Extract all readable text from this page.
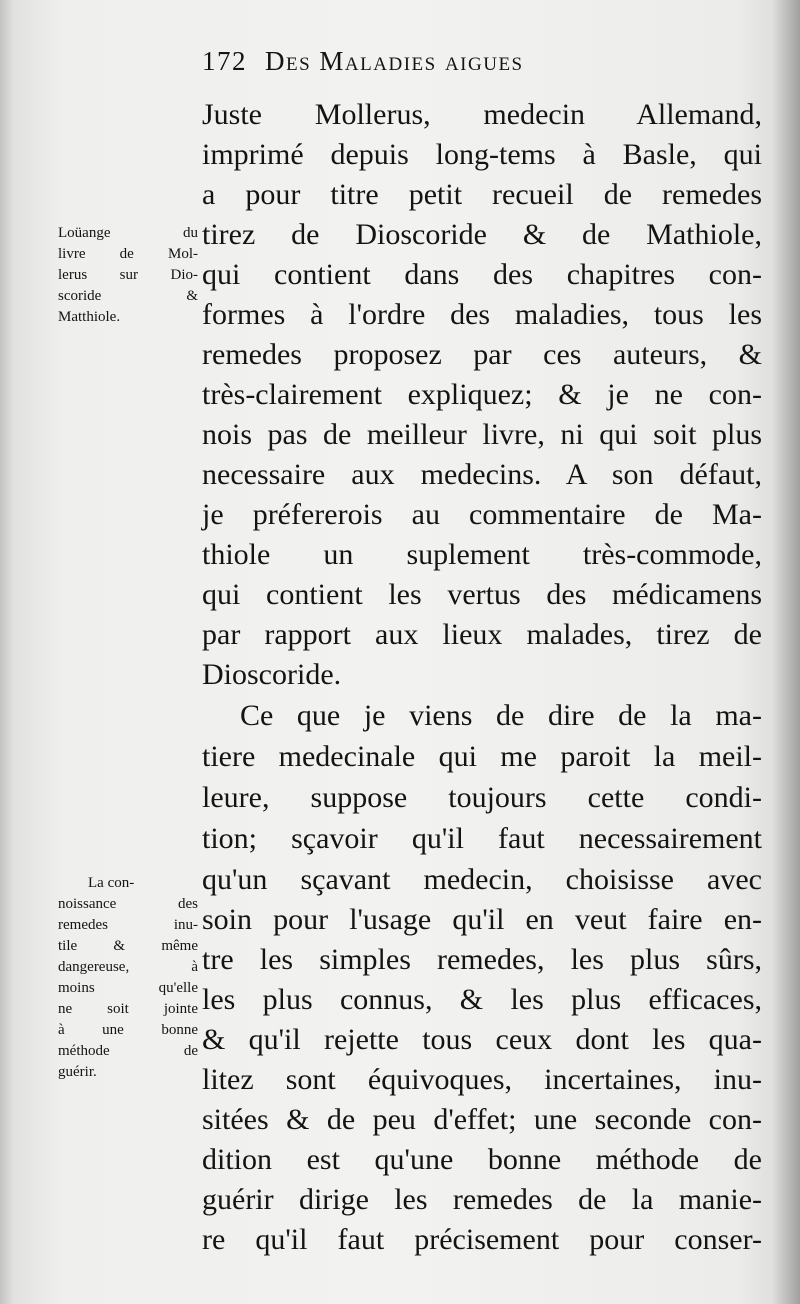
172 Des Maladies aigues
Loüange du
livre de Mol-
lerus sur Dio-
scoride &
Matthiole.
La con-
noissance des
remedes inu-
tile & même
dangereuse, à
moins qu'elle
ne soit jointe
à une bonne
méthode de
guérir.
Juste Mollerus, medecin Allemand,
imprimé depuis long-tems à Basle, qui
a pour titre petit recueil de remedes
tirez de Dioscoride & de Mathiole,
qui contient dans des chapitres con-
formes à l'ordre des maladies, tous les
remedes proposez par ces auteurs, &
très-clairement expliquez; & je ne con-
nois pas de meilleur livre, ni qui soit plus
necessaire aux medecins. A son défaut,
je préfererois au commentaire de Ma-
thiole un suplement très-commode,
qui contient les vertus des médicamens
par rapport aux lieux malades, tirez de
Dioscoride.
Ce que je viens de dire de la ma-
tiere medecinale qui me paroit la meil-
leure, suppose toujours cette condi-
tion; sçavoir qu'il faut necessairement
qu'un sçavant medecin, choisisse avec
soin pour l'usage qu'il en veut faire en-
tre les simples remedes, les plus sûrs,
les plus connus, & les plus efficaces,
& qu'il rejette tous ceux dont les qua-
litez sont équivoques, incertaines, inu-
sitées & de peu d'effet; une seconde con-
dition est qu'une bonne méthode de
guérir dirige les remedes de la manie-
re qu'il faut précisement pour conser-
